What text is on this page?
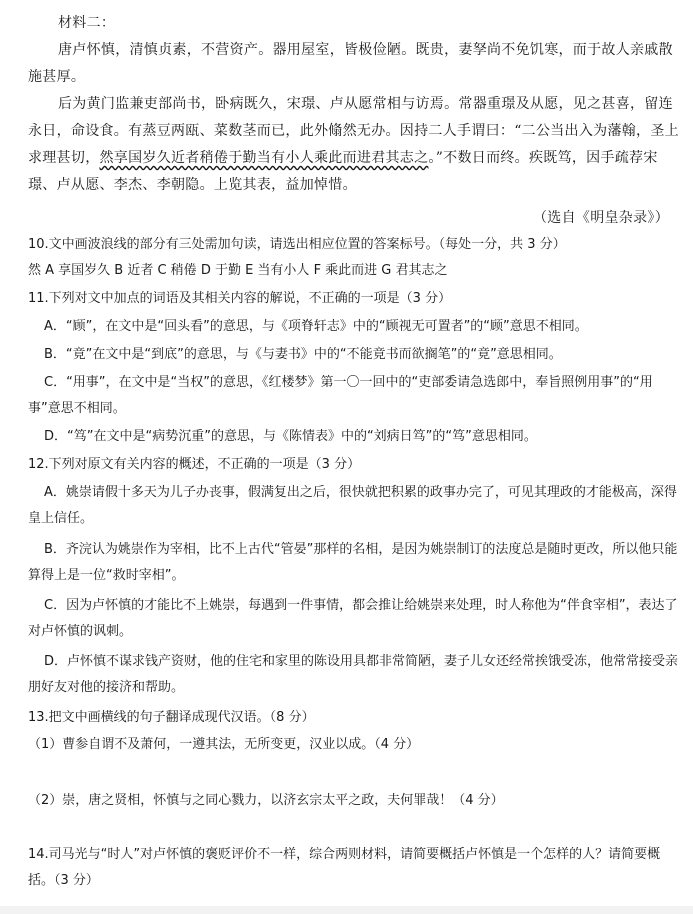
材料二：

唐卢怀慎，清慎贞素，不营资产。器用屋室，皆极俭陋。既贵，妻孥尚不免饥寒，而于故人亲戚散施甚厚。

后为黄门监兼吏部尚书，卧病既久，宋璟、卢从愿常相与访焉。常器重璟及从愿，见之甚喜，留连永日，命设食。有蒸豆两瓯、菜数茎而已，此外翛然无办。因持二人手谓曰：“二公当出入为藩翰，圣上求理甚切，然享国岁久近者稍倦于勤当有小人乘此而进君其志之。”不数日而终。疾既笃，因手疏荐宋璟、卢从愿、李杰、李朝隐。上览其表，益加悼惜。

（选自《明皇杂录》）

10.文中画波浪线的部分有三处需加句读，请选出相应位置的答案标号。（每处一分，共 3 分）

然 A 享国岁久 B 近者 C 稍倦 D 于勤 E 当有小人 F 乘此而进 G 君其志之

11.下列对文中加点的词语及其相关内容的解说，不正确的一项是（3 分）

A．“顾”，在文中是“回头看”的意思，与《项脊轩志》中的“顾视无可置者”的“顾”意思不相同。

B．“竟”在文中是“到底”的意思，与《与妻书》中的“不能竟书而欲搁笔”的“竟”意思相同。

C．“用事”，在文中是“当权”的意思，《红楼梦》第一〇一回中的“吏部委请急选郎中，奉旨照例用事”的“用事”意思不相同。

D．“笃”在文中是“病势沉重”的意思，与《陈情表》中的“刘病日笃”的“笃”意思相同。

12.下列对原文有关内容的概述，不正确的一项是（3 分）

A．姚崇请假十多天为儿子办丧事，假满复出之后，很快就把积累的政事办完了，可见其理政的才能极高，深得皇上信任。

B．齐浣认为姚崇作为宰相，比不上古代“管晏”那样的名相，是因为姚崇制订的法度总是随时更改，所以他只能算得上是一位“救时宰相”。

C．因为卢怀慎的才能比不上姚崇，每遇到一件事情，都会推让给姚崇来处理，时人称他为“伴食宰相”，表达了对卢怀慎的讽刺。

D．卢怀慎不谋求钱产资财，他的住宅和家里的陈设用具都非常简陋，妻子儿女还经常挨饿受冻，他常常接受亲朋好友对他的接济和帮助。

13.把文中画横线的句子翻译成现代汉语。（8 分）

（1）曹参自谓不及萧何，一遵其法，无所变更，汉业以成。（4 分）

（2）崇，唐之贤相，怀慎与之同心戮力，以济玄宗太平之政，夫何罪哉！（4 分）

14.司马光与“时人”对卢怀慎的褒贬评价不一样，综合两则材料，请简要概括卢怀慎是一个怎样的人？请简要概括。（3 分）
